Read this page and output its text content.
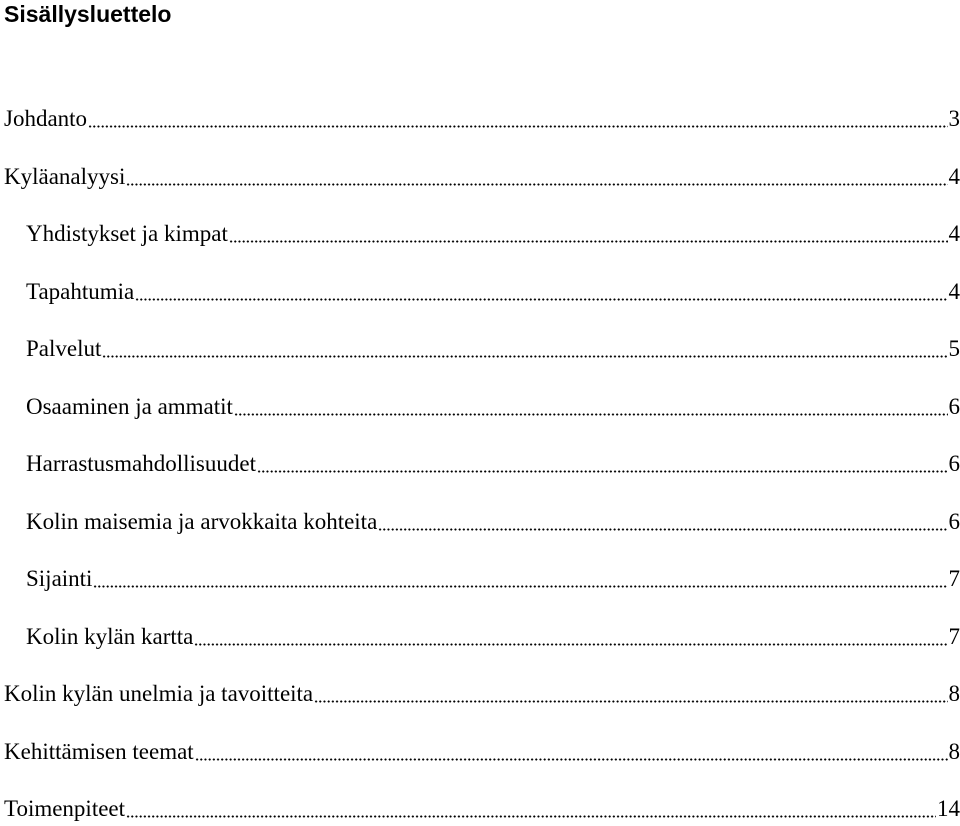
Sisällysluettelo
Johdanto	3
Kyläanalyysi	4
Yhdistykset ja kimpat	4
Tapahtumia	4
Palvelut	5
Osaaminen ja ammatit	6
Harrastusmahdollisuudet	6
Kolin maisemia ja arvokkaita kohteita	6
Sijainti	7
Kolin kylän kartta	7
Kolin kylän unelmia ja tavoitteita	8
Kehittämisen teemat	8
Toimenpiteet	14
